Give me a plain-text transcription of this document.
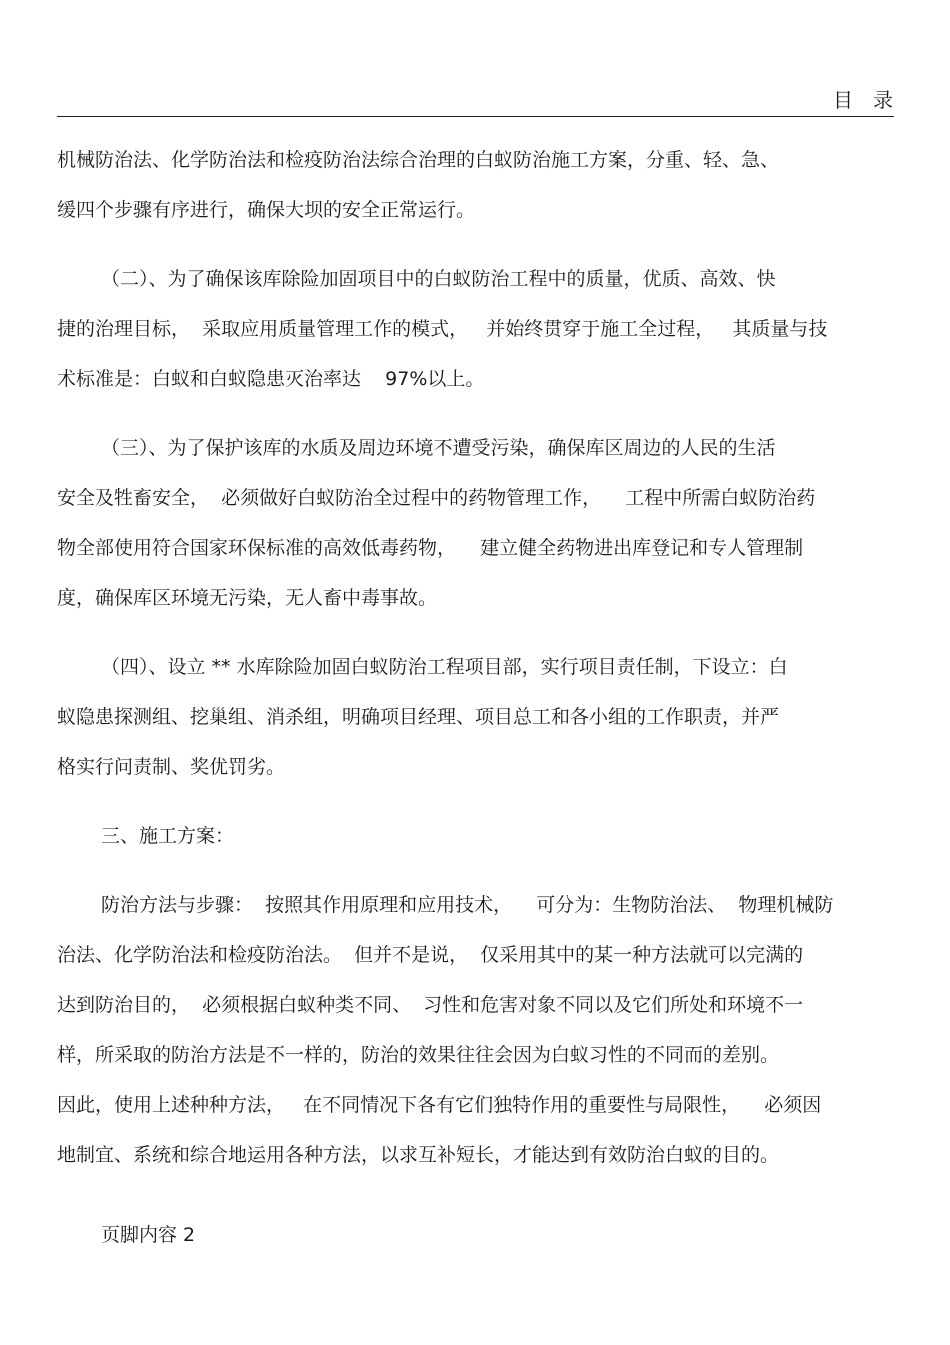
目录
机械防治法、化学防治法和检疫防治法综合治理的白蚁防治施工方案，分重、轻、急、
缓四个步骤有序进行，确保大坝的安全正常运行。
（二）、为了确保该库除险加固项目中的白蚁防治工程中的质量，优质、高效、快
捷的治理目标，  采取应用质量管理工作的模式，   并始终贯穿于施工全过程，   其质量与技
术标准是：白蚁和白蚁隐患灭治率达    97%以上。
（三）、为了保护该库的水质及周边环境不遭受污染，确保库区周边的人民的生活
安全及牲畜安全，  必须做好白蚁防治全过程中的药物管理工作，    工程中所需白蚁防治药
物全部使用符合国家环保标准的高效低毒药物，    建立健全药物进出库登记和专人管理制
度，确保库区环境无污染，无人畜中毒事故。
（四）、设立 ** 水库除险加固白蚁防治工程项目部，实行项目责任制，下设立：白
蚁隐患探测组、挖巢组、消杀组，明确项目经理、项目总工和各小组的工作职责，并严
格实行问责制、奖优罚劣。
三、施工方案：
防治方法与步骤：  按照其作用原理和应用技术，    可分为：生物防治法、  物理机械防
治法、化学防治法和检疫防治法。  但并不是说，  仅采用其中的某一种方法就可以完满的
达到防治目的，  必须根据白蚁种类不同、  习性和危害对象不同以及它们所处和环境不一
样，所采取的防治方法是不一样的，防治的效果往往会因为白蚁习性的不同而的差别。
因此，使用上述种种方法，   在不同情况下各有它们独特作用的重要性与局限性，    必须因
地制宜、系统和综合地运用各种方法，以求互补短长，才能达到有效防治白蚁的目的。
页脚内容 2
